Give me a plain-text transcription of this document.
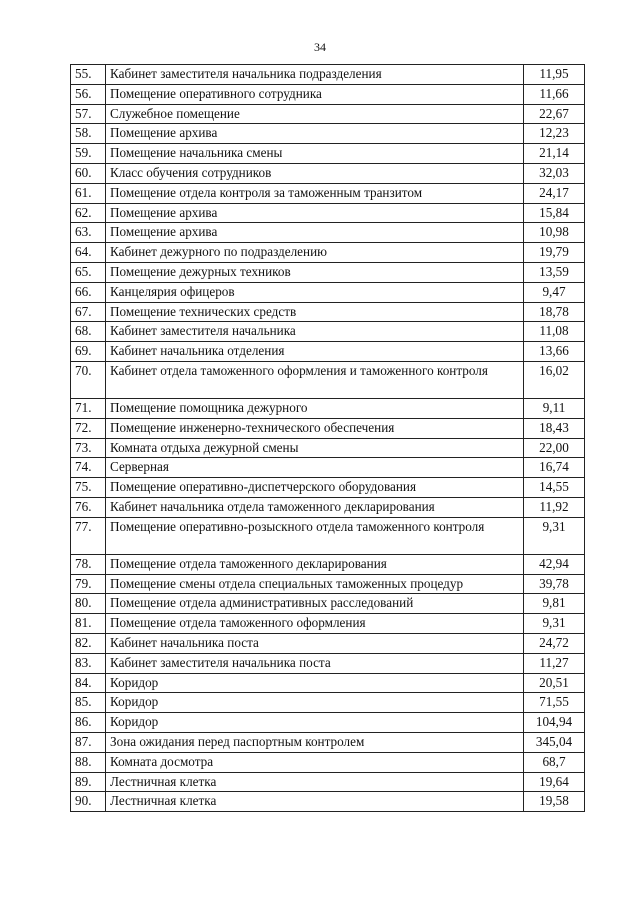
34
55.	Кабинет заместителя начальника подразделения	11,95
56.	Помещение оперативного сотрудника	11,66
57.	Служебное помещение	22,67
58.	Помещение архива	12,23
59.	Помещение начальника смены	21,14
60.	Класс обучения сотрудников	32,03
61.	Помещение отдела контроля за таможенным транзитом	24,17
62.	Помещение архива	15,84
63.	Помещение архива	10,98
64.	Кабинет дежурного по подразделению	19,79
65.	Помещение дежурных техников	13,59
66.	Канцелярия офицеров	9,47
67.	Помещение технических средств	18,78
68.	Кабинет заместителя начальника	11,08
69.	Кабинет начальника отделения	13,66
70.	Кабинет отдела таможенного оформления и таможенного контроля	16,02
71.	Помещение помощника дежурного	9,11
72.	Помещение инженерно-технического обеспечения	18,43
73.	Комната отдыха дежурной смены	22,00
74.	Серверная	16,74
75.	Помещение оперативно-диспетчерского оборудования	14,55
76.	Кабинет начальника отдела таможенного декларирования	11,92
77.	Помещение оперативно-розыскного отдела таможенного контроля	9,31
78.	Помещение отдела таможенного декларирования	42,94
79.	Помещение смены отдела специальных таможенных процедур	39,78
80.	Помещение отдела административных расследований	9,81
81.	Помещение отдела таможенного оформления	9,31
82.	Кабинет начальника поста	24,72
83.	Кабинет заместителя начальника поста	11,27
84.	Коридор	20,51
85.	Коридор	71,55
86.	Коридор	104,94
87.	Зона ожидания перед паспортным контролем	345,04
88.	Комната досмотра	68,7
89.	Лестничная клетка	19,64
90.	Лестничная клетка	19,58
